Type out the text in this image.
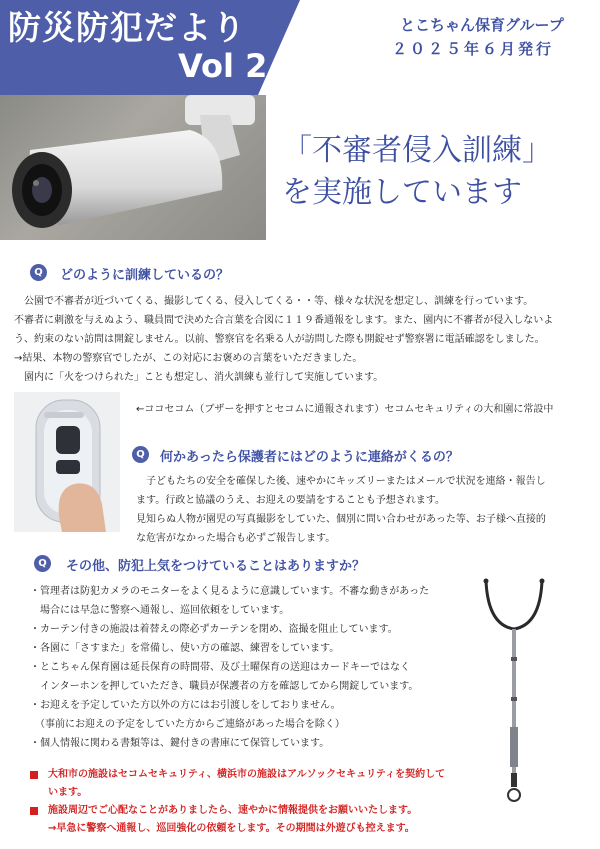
防災防犯だより
Vol 2
とこちゃん保育グループ
２０２５年６月発行
「不審者侵入訓練」
を実施しています
Q	どのように訓練しているの？
　公園で不審者が近づいてくる、撮影してくる、侵入してくる・・等、様々な状況を想定し、訓練を行っています。
不審者に刺激を与えぬよう、職員間で決めた合言葉を合図に１１９番通報をします。また、園内に不審者が侵入しないよ
う、約束のない訪問は開錠しません。以前、警察官を名乗る人が訪問した際も開錠せず警察署に電話確認をしました。
→結果、本物の警察官でしたが、この対応にお褒めの言葉をいただきました。
　園内に「火をつけられた」ことも想定し、消火訓練も並行して実施しています。
←ココセコム（ブザーを押すとセコムに通報されます）セコムセキュリティの大和園に常設中
Q	何かあったら保護者にはどのように連絡がくるの？
　子どもたちの安全を確保した後、速やかにキッズリーまたはメールで状況を連絡・報告し
ます。行政と協議のうえ、お迎えの要請をすることも予想されます。
見知らぬ人物が園児の写真撮影をしていた、個別に問い合わせがあった等、お子様へ直接的
な危害がなかった場合も必ずご報告します。
Q	その他、防犯上気をつけていることはありますか？
・管理者は防犯カメラのモニターをよく見るように意識しています。不審な動きがあった
　場合には早急に警察へ通報し、巡回依頼をしています。
・カーテン付きの施設は着替えの際必ずカーテンを閉め、盗撮を阻止しています。
・各園に「さすまた」を常備し、使い方の確認、練習をしています。
・とこちゃん保育園は延長保育の時間帯、及び土曜保育の送迎はカードキーではなく
　インターホンを押していただき、職員が保護者の方を確認してから開錠しています。
・お迎えを予定していた方以外の方にはお引渡しをしておりません。
　（事前にお迎えの予定をしていた方からご連絡があった場合を除く）
・個人情報に関わる書類等は、鍵付きの書庫にて保管しています。
大和市の施設はセコムセキュリティ、横浜市の施設はアルソックセキュリティを契約して
います。
施設周辺でご心配なことがありましたら、速やかに情報提供をお願いいたします。
→早急に警察へ通報し、巡回強化の依頼をします。その期間は外遊びも控えます。
